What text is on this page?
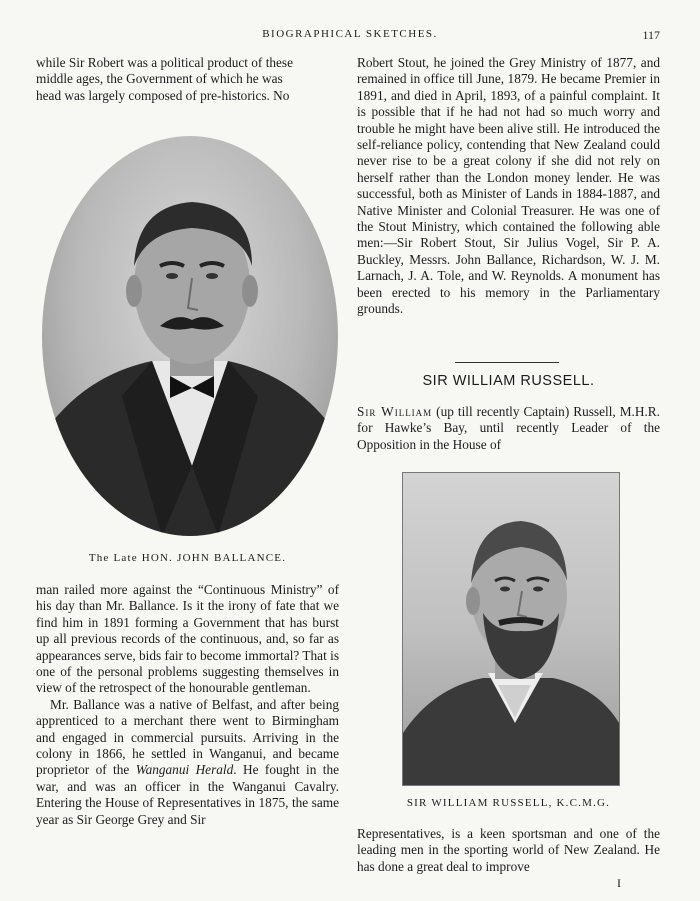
BIOGRAPHICAL SKETCHES.	117
while Sir Robert was a political product of these
middle ages, the Government of which he was
head was largely composed of pre-historics. No
The Late HON. JOHN BALLANCE.

man railed more against the “Continuous Ministry” of his day than Mr. Ballance. Is it the irony of fate that we find him in 1891 forming a Government that has burst up all previous records of the continuous, and, so far as appearances serve, bids fair to become immortal? That is one of the personal problems suggesting themselves in view of the retrospect of the honourable gentleman.

Mr. Ballance was a native of Belfast, and after being apprenticed to a merchant there went to Birmingham and engaged in commercial pursuits. Arriving in the colony in 1866, he settled in Wanganui, and became proprietor of the Wanganui Herald. He fought in the war, and was an officer in the Wanganui Cavalry. Entering the House of Representatives in 1875, the same year as Sir George Grey and Sir

Robert Stout, he joined the Grey Ministry of 1877, and remained in office till June, 1879. He became Premier in 1891, and died in April, 1893, of a painful complaint. It is possible that if he had not had so much worry and trouble he might have been alive still. He introduced the self-reliance policy, contending that New Zealand could never rise to be a great colony if she did not rely on herself rather than the London money lender. He was successful, both as Minister of Lands in 1884-1887, and Native Minister and Colonial Treasurer. He was one of the Stout Ministry, which contained the following able men:—Sir Robert Stout, Sir Julius Vogel, Sir P. A. Buckley, Messrs. John Ballance, Richardson, W. J. M. Larnach, J. A. Tole, and W. Reynolds. A monument has been erected to his memory in the Parliamentary grounds.

SIR WILLIAM RUSSELL.

Sir William (up till recently Captain) Russell, M.H.R. for Hawke’s Bay, until recently Leader of the Opposition in the House of

SIR WILLIAM RUSSELL, K.C.M.G.

Representatives, is a keen sportsman and one of the leading men in the sporting world of New Zealand. He has done a great deal to improve

I
